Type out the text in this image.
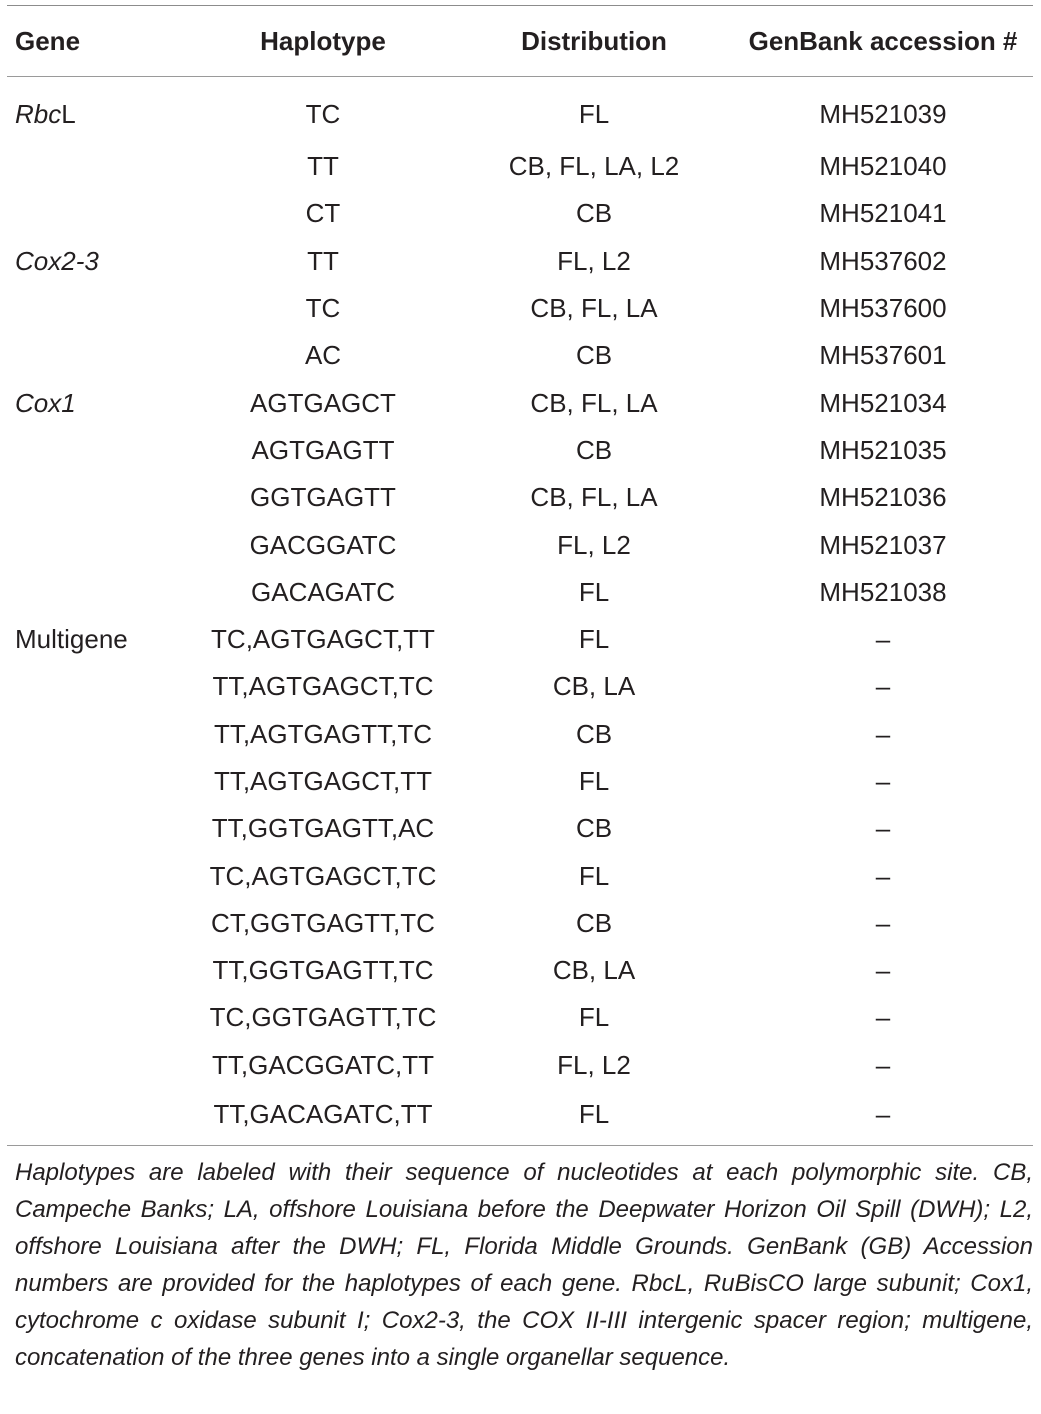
Gene	Haplotype	Distribution	GenBank accession #
RbcL	TC	FL	MH521039
	TT	CB, FL, LA, L2	MH521040
	CT	CB	MH521041
Cox2-3	TT	FL, L2	MH537602
	TC	CB, FL, LA	MH537600
	AC	CB	MH537601
Cox1	AGTGAGCT	CB, FL, LA	MH521034
	AGTGAGTT	CB	MH521035
	GGTGAGTT	CB, FL, LA	MH521036
	GACGGATC	FL, L2	MH521037
	GACAGATC	FL	MH521038
Multigene	TC,AGTGAGCT,TT	FL	–
	TT,AGTGAGCT,TC	CB, LA	–
	TT,AGTGAGTT,TC	CB	–
	TT,AGTGAGCT,TT	FL	–
	TT,GGTGAGTT,AC	CB	–
	TC,AGTGAGCT,TC	FL	–
	CT,GGTGAGTT,TC	CB	–
	TT,GGTGAGTT,TC	CB, LA	–
	TC,GGTGAGTT,TC	FL	–
	TT,GACGGATC,TT	FL, L2	–
	TT,GACAGATC,TT	FL	–
Haplotypes are labeled with their sequence of nucleotides at each polymorphic site. CB, Campeche Banks; LA, offshore Louisiana before the Deepwater Horizon Oil Spill (DWH); L2, offshore Louisiana after the DWH; FL, Florida Middle Grounds. GenBank (GB) Accession numbers are provided for the haplotypes of each gene. RbcL, RuBisCO large subunit; Cox1, cytochrome c oxidase subunit I; Cox2-3, the COX II-III intergenic spacer region; multigene, concatenation of the three genes into a single organellar sequence.
